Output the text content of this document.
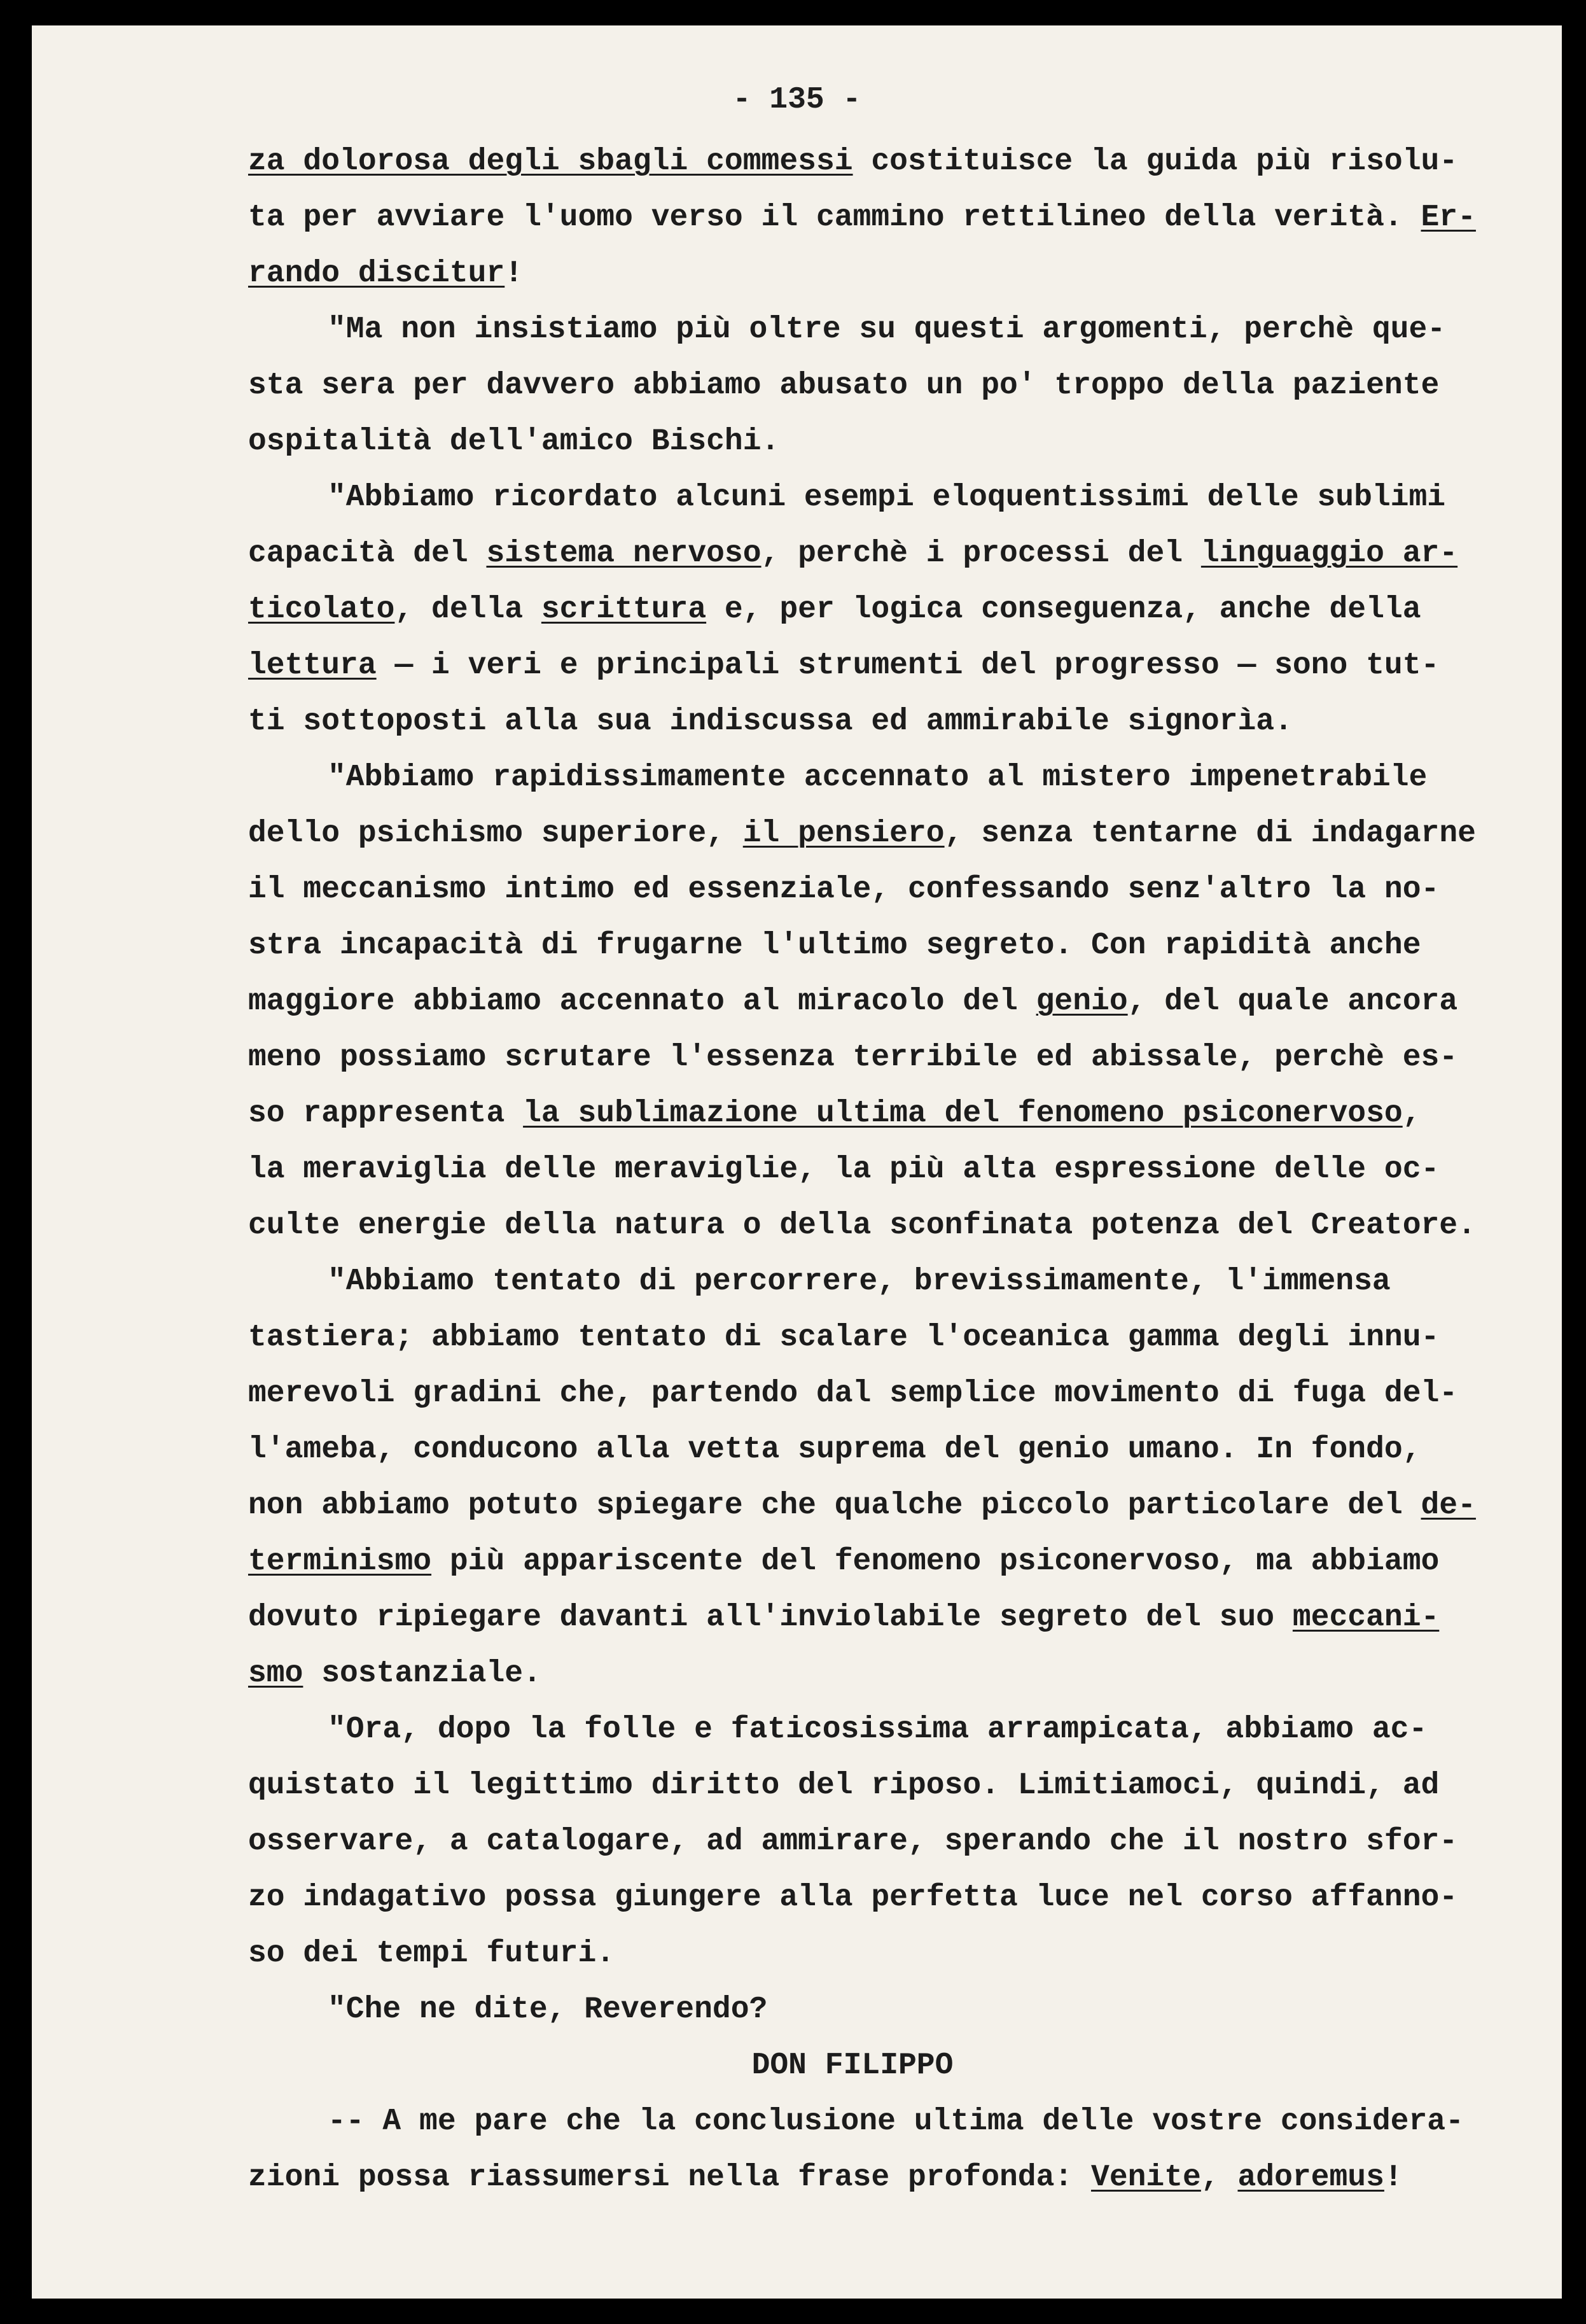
- 135 -
za dolorosa degli sbagli commessi costituisce la guida più risolu-
ta per avviare l'uomo verso il cammino rettilineo della verità. Er-
rando discitur!
"Ma non insistiamo più oltre su questi argomenti, perchè que-
sta sera per davvero abbiamo abusato un po' troppo della paziente
ospitalità dell'amico Bischi.
"Abbiamo ricordato alcuni esempi eloquentissimi delle sublimi
capacità del sistema nervoso, perchè i processi del linguaggio ar-
ticolato, della scrittura e, per logica conseguenza, anche della
lettura — i veri e principali strumenti del progresso — sono tut-
ti sottoposti alla sua indiscussa ed ammirabile signorìa.
"Abbiamo rapidissimamente accennato al mistero impenetrabile
dello psichismo superiore, il pensiero, senza tentarne di indagarne
il meccanismo intimo ed essenziale, confessando senz'altro la no-
stra incapacità di frugarne l'ultimo segreto. Con rapidità anche
maggiore abbiamo accennato al miracolo del genio, del quale ancora
meno possiamo scrutare l'essenza terribile ed abissale, perchè es-
so rappresenta la sublimazione ultima del fenomeno psiconervoso,
la meraviglia delle meraviglie, la più alta espressione delle oc-
culte energie della natura o della sconfinata potenza del Creatore.
"Abbiamo tentato di percorrere, brevissimamente, l'immensa
tastiera; abbiamo tentato di scalare l'oceanica gamma degli innu-
merevoli gradini che, partendo dal semplice movimento di fuga del-
l'ameba, conducono alla vetta suprema del genio umano. In fondo,
non abbiamo potuto spiegare che qualche piccolo particolare del de-
terminismo più appariscente del fenomeno psiconervoso, ma abbiamo
dovuto ripiegare davanti all'inviolabile segreto del suo meccani-
smo sostanziale.
"Ora, dopo la folle e faticosissima arrampicata, abbiamo ac-
quistato il legittimo diritto del riposo. Limitiamoci, quindi, ad
osservare, a catalogare, ad ammirare, sperando che il nostro sfor-
zo indagativo possa giungere alla perfetta luce nel corso affanno-
so dei tempi futuri.
"Che ne dite, Reverendo?
DON FILIPPO
-- A me pare che la conclusione ultima delle vostre considera-
zioni possa riassumersi nella frase profonda: Venite, adoremus!
